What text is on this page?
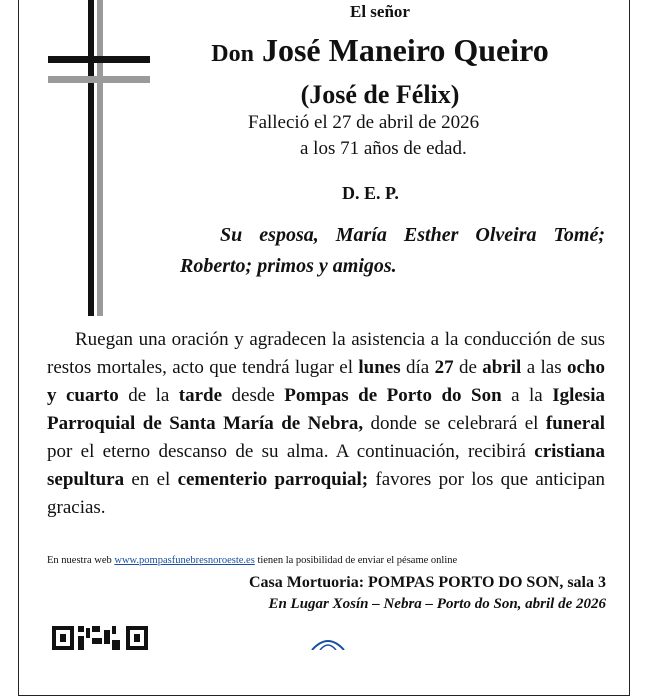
El señor
Don José Maneiro Queiro
(José de Félix)
Falleció el 27 de abril de 2026
a los 71 años de edad.
D. E. P.
Su esposa, María Esther Olveira Tomé; Roberto; primos y amigos.
Ruegan una oración y agradecen la asistencia a la conducción de sus restos mortales, acto que tendrá lugar el lunes día 27 de abril a las ocho y cuarto de la tarde desde Pompas de Porto do Son a la Iglesia Parroquial de Santa María de Nebra, donde se celebrará el funeral por el eterno descanso de su alma. A continuación, recibirá cristiana sepultura en el cementerio parroquial; favores por los que anticipan gracias.
En nuestra web www.pompasfunebresnoroeste.es tienen la posibilidad de enviar el pésame online
Casa Mortuoria: POMPAS PORTO DO SON, sala 3
En Lugar Xosín – Nebra – Porto do Son, abril de 2026
